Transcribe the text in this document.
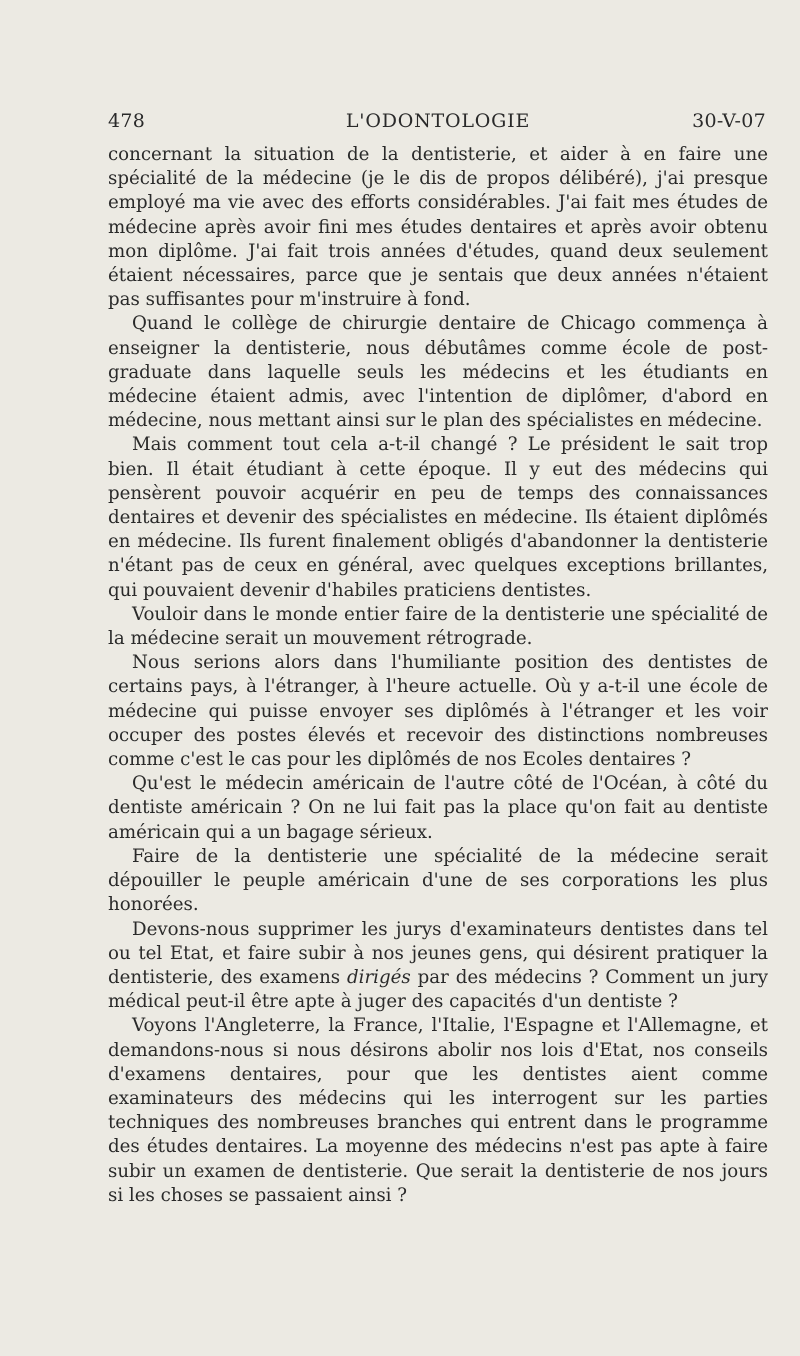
478	L'ODONTOLOGIE	30-V-07

concernant la situation de la dentisterie, et aider à en faire une spécialité de la médecine (je le dis de propos délibéré), j'ai presque employé ma vie avec des efforts considérables. J'ai fait mes études de médecine après avoir fini mes études dentaires et après avoir obtenu mon diplôme. J'ai fait trois années d'études, quand deux seulement étaient nécessaires, parce que je sentais que deux années n'étaient pas suffisantes pour m'instruire à fond.

Quand le collège de chirurgie dentaire de Chicago commença à enseigner la dentisterie, nous débutâmes comme école de post-graduate dans laquelle seuls les médecins et les étudiants en médecine étaient admis, avec l'intention de diplômer, d'abord en médecine, nous mettant ainsi sur le plan des spécialistes en médecine.

Mais comment tout cela a-t-il changé ? Le président le sait trop bien. Il était étudiant à cette époque. Il y eut des médecins qui pensèrent pouvoir acquérir en peu de temps des connaissances dentaires et devenir des spécialistes en médecine. Ils étaient diplômés en médecine. Ils furent finalement obligés d'abandonner la dentisterie n'étant pas de ceux en général, avec quelques exceptions brillantes, qui pouvaient devenir d'habiles praticiens dentistes.

Vouloir dans le monde entier faire de la dentisterie une spécialité de la médecine serait un mouvement rétrograde.

Nous serions alors dans l'humiliante position des dentistes de certains pays, à l'étranger, à l'heure actuelle. Où y a-t-il une école de médecine qui puisse envoyer ses diplômés à l'étranger et les voir occuper des postes élevés et recevoir des distinctions nombreuses comme c'est le cas pour les diplômés de nos Ecoles dentaires ?

Qu'est le médecin américain de l'autre côté de l'Océan, à côté du dentiste américain ? On ne lui fait pas la place qu'on fait au dentiste américain qui a un bagage sérieux.

Faire de la dentisterie une spécialité de la médecine serait dépouiller le peuple américain d'une de ses corporations les plus honorées.

Devons-nous supprimer les jurys d'examinateurs dentistes dans tel ou tel Etat, et faire subir à nos jeunes gens, qui désirent pratiquer la dentisterie, des examens dirigés par des médecins ? Comment un jury médical peut-il être apte à juger des capacités d'un dentiste ?

Voyons l'Angleterre, la France, l'Italie, l'Espagne et l'Allemagne, et demandons-nous si nous désirons abolir nos lois d'Etat, nos conseils d'examens dentaires, pour que les dentistes aient comme examinateurs des médecins qui les interrogent sur les parties techniques des nombreuses branches qui entrent dans le programme des études dentaires. La moyenne des médecins n'est pas apte à faire subir un examen de dentisterie. Que serait la dentisterie de nos jours si les choses se passaient ainsi ?
